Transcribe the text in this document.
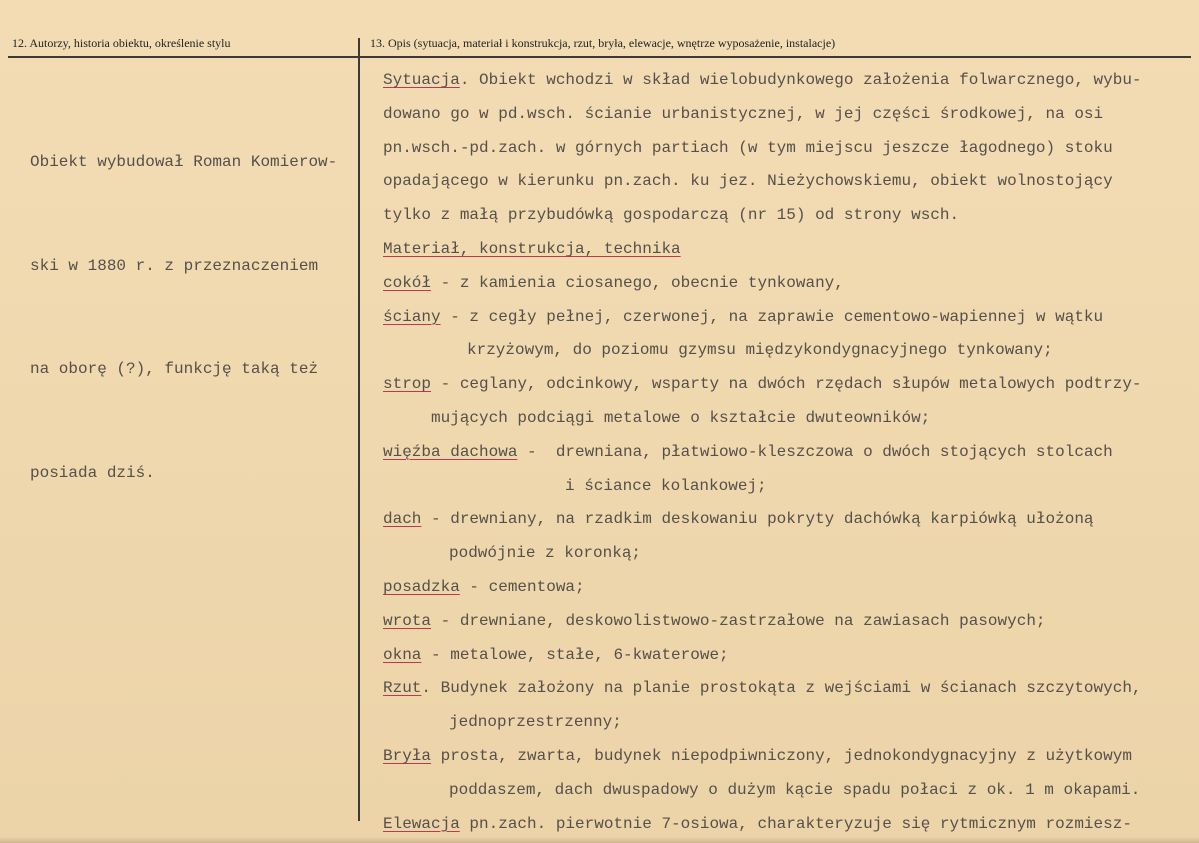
12. Autorzy, historia obiektu, określenie stylu	13. Opis (sytuacja, materiał i konstrukcja, rzut, bryła, elewacje, wnętrze wyposażenie, instalacje)

Obiekt wybudował Roman Komierow-

ski w 1880 r. z przeznaczeniem

na oborę (?), funkcję taką też

posiada dziś.

Sytuacja. Obiekt wchodzi w skład wielobudynkowego założenia folwarcznego, wybu-
dowano go w pd.wsch. ścianie urbanistycznej, w jej części środkowej, na osi
pn.wsch.-pd.zach. w górnych partiach (w tym miejscu jeszcze łagodnego) stoku
opadającego w kierunku pn.zach. ku jez. Nieżychowskiemu, obiekt wolnostojący
tylko z małą przybudówką gospodarczą (nr 15) od strony wsch.
Materiał, konstrukcja, technika
cokół - z kamienia ciosanego, obecnie tynkowany,
ściany - z cegły pełnej, czerwonej, na zaprawie cementowo-wapiennej w wątku
krzyżowym, do poziomu gzymsu międzykondygnacyjnego tynkowany;
strop - ceglany, odcinkowy, wsparty na dwóch rzędach słupów metalowych podtrzy-
mujących podciągi metalowe o kształcie dwuteowników;
więźba dachowa -  drewniana, płatwiowo-kleszczowa o dwóch stojących stolcach
i ściance kolankowej;
dach - drewniany, na rzadkim deskowaniu pokryty dachówką karpiówką ułożoną
podwójnie z koronką;
posadzka - cementowa;
wrota - drewniane, deskowolistwowo-zastrzałowe na zawiasach pasowych;
okna - metalowe, stałe, 6-kwaterowe;
Rzut. Budynek założony na planie prostokąta z wejściami w ścianach szczytowych,
jednoprzestrzenny;
Bryła prosta, zwarta, budynek niepodpiwniczony, jednokondygnacyjny z użytkowym
poddaszem, dach dwuspadowy o dużym kącie spadu połaci z ok. 1 m okapami.
Elewacja pn.zach. pierwotnie 7-osiowa, charakteryzuje się rytmicznym rozmiesz-
